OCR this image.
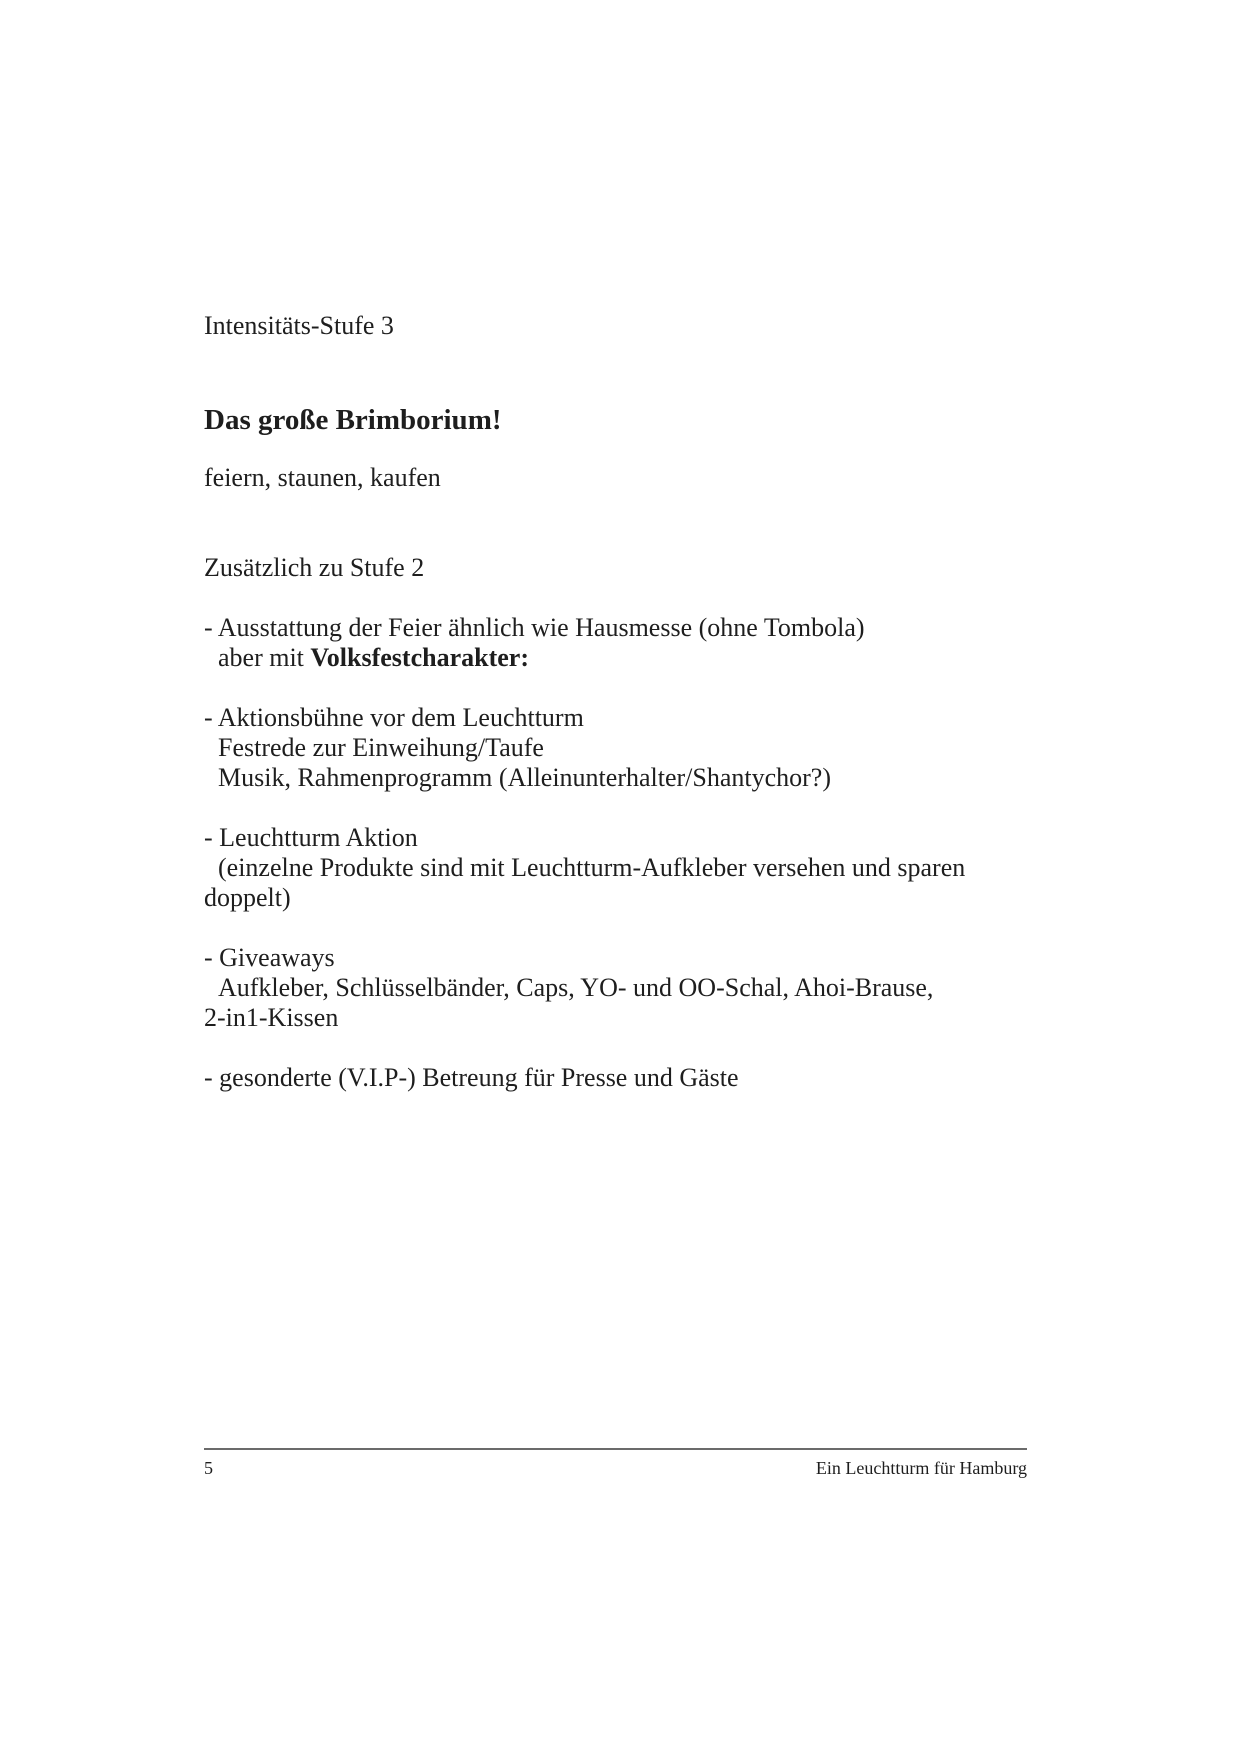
Intensitäts-Stufe 3
Das große Brimborium!
feiern, staunen, kaufen
Zusätzlich zu Stufe 2
- Ausstattung der Feier ähnlich wie Hausmesse (ohne Tombola)
aber mit Volksfestcharakter:
- Aktionsbühne vor dem Leuchtturm
Festrede zur Einweihung/Taufe
Musik, Rahmenprogramm (Alleinunterhalter/Shantychor?)
- Leuchtturm Aktion
(einzelne Produkte sind mit Leuchtturm-Aufkleber versehen und sparen
doppelt)
- Giveaways
Aufkleber, Schlüsselbänder, Caps, YO- und OO-Schal, Ahoi-Brause,
2-in1-Kissen
- gesonderte (V.I.P-) Betreung für Presse und Gäste
5	Ein Leuchtturm für Hamburg
